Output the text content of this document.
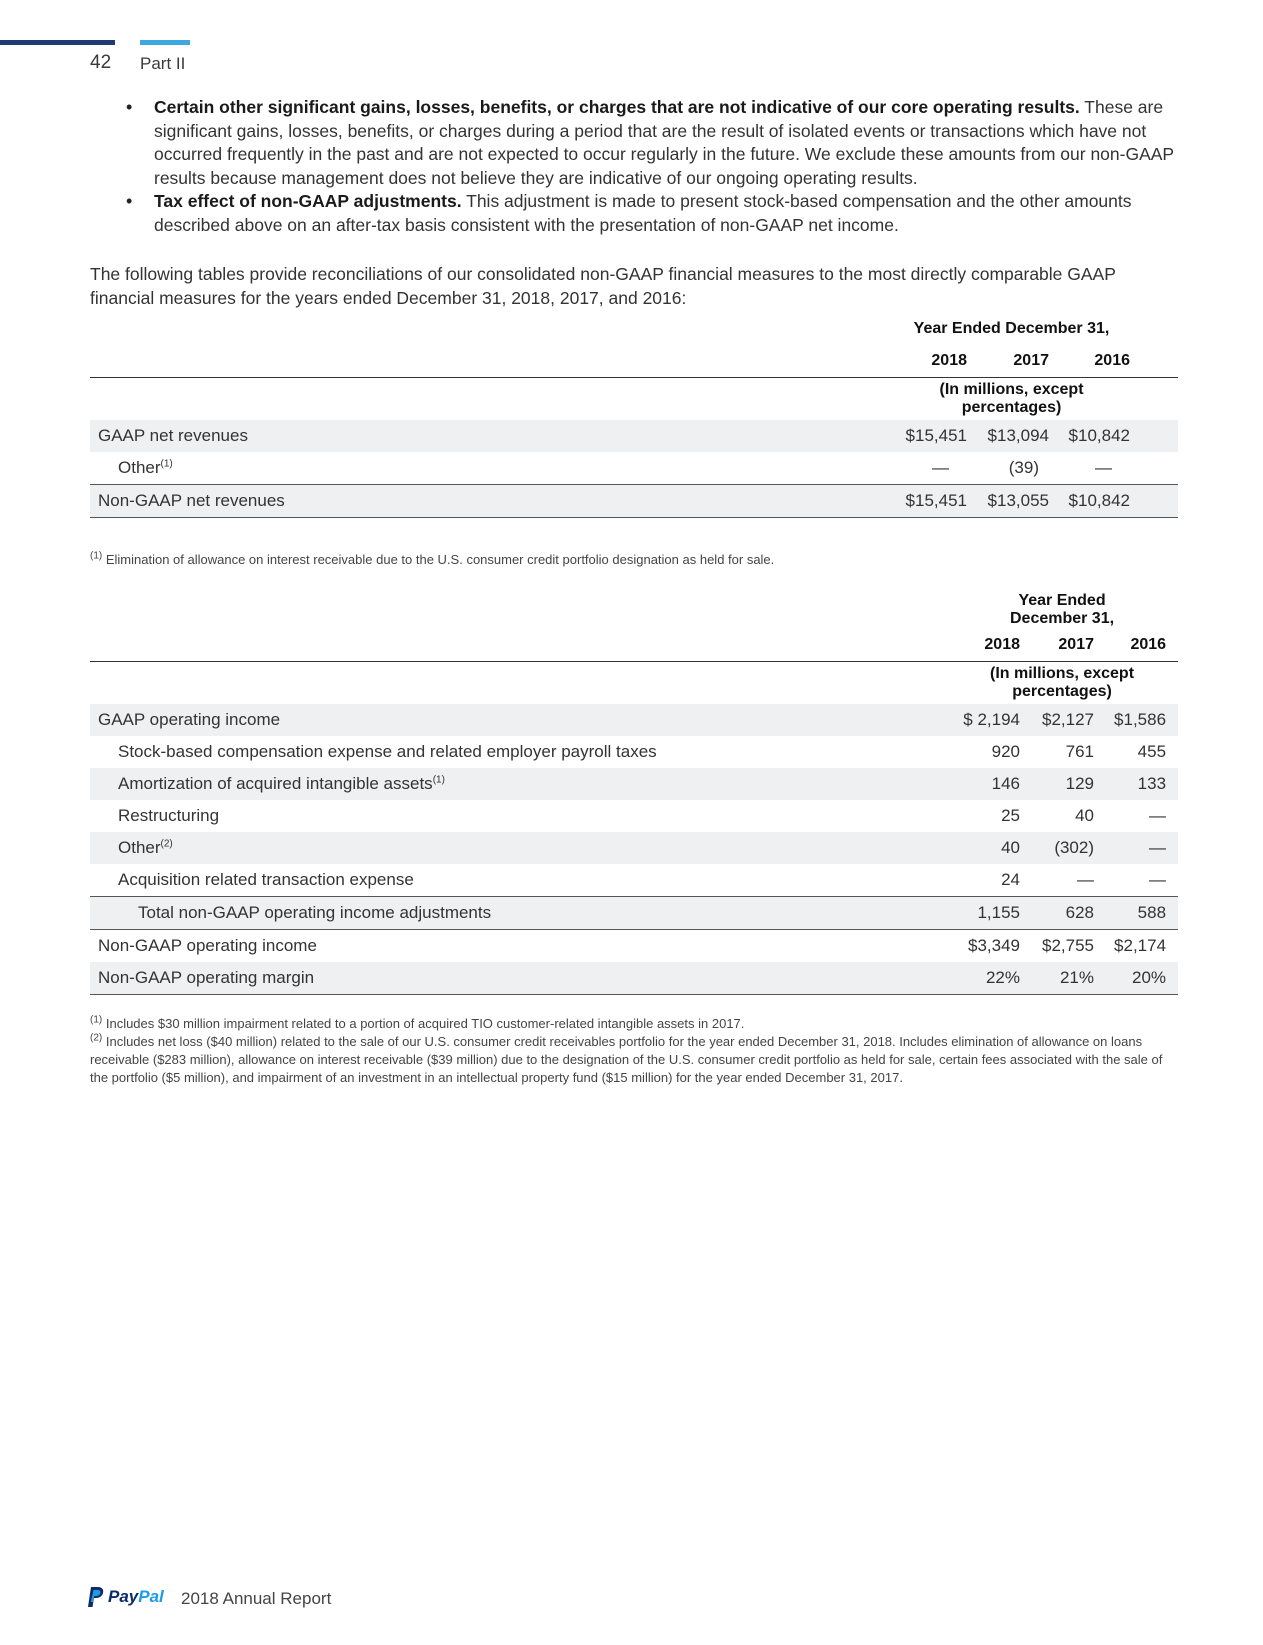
42 Part II
• Certain other significant gains, losses, benefits, or charges that are not indicative of our core operating results. These are significant gains, losses, benefits, or charges during a period that are the result of isolated events or transactions which have not occurred frequently in the past and are not expected to occur regularly in the future. We exclude these amounts from our non-GAAP results because management does not believe they are indicative of our ongoing operating results.
• Tax effect of non-GAAP adjustments. This adjustment is made to present stock-based compensation and the other amounts described above on an after-tax basis consistent with the presentation of non-GAAP net income.

The following tables provide reconciliations of our consolidated non-GAAP financial measures to the most directly comparable GAAP financial measures for the years ended December 31, 2018, 2017, and 2016:

	Year Ended December 31,			
	2018	2017	2016	
	(In millions, except percentages)			
GAAP net revenues	$15,451	$13,094	$10,842	
Other$^{(1)}$	—	(39)	—	
Non-GAAP net revenues	$15,451	$13,055	$10,842	

$^{(1)}$ Elimination of allowance on interest receivable due to the U.S. consumer credit portfolio designation as held for sale.

	Year Ended December 31,			
	2018	2017	2016	
	(In millions, except percentages)			
GAAP operating income	$ 2,194	$2,127	$1,586	
Stock-based compensation expense and related employer payroll taxes	920	761	455	
Amortization of acquired intangible assets$^{(1)}$	146	129	133	
Restructuring	25	40	—	
Other$^{(2)}$	40	(302)	—	
Acquisition related transaction expense	24	—	—	
Total non-GAAP operating income adjustments	1,155	628	588	
Non-GAAP operating income	$3,349	$2,755	$2,174	
Non-GAAP operating margin	22%	21%	20%	

$^{(1)}$ Includes $30 million impairment related to a portion of acquired TIO customer-related intangible assets in 2017.

$^{(2)}$ Includes net loss ($40 million) related to the sale of our U.S. consumer credit receivables portfolio for the year ended December 31, 2018. Includes elimination of allowance on loans receivable ($283 million), allowance on interest receivable ($39 million) due to the designation of the U.S. consumer credit portfolio as held for sale, certain fees associated with the sale of the portfolio ($5 million), and impairment of an investment in an intellectual property fund ($15 million) for the year ended December 31, 2017.

PayPal 2018 Annual Report
